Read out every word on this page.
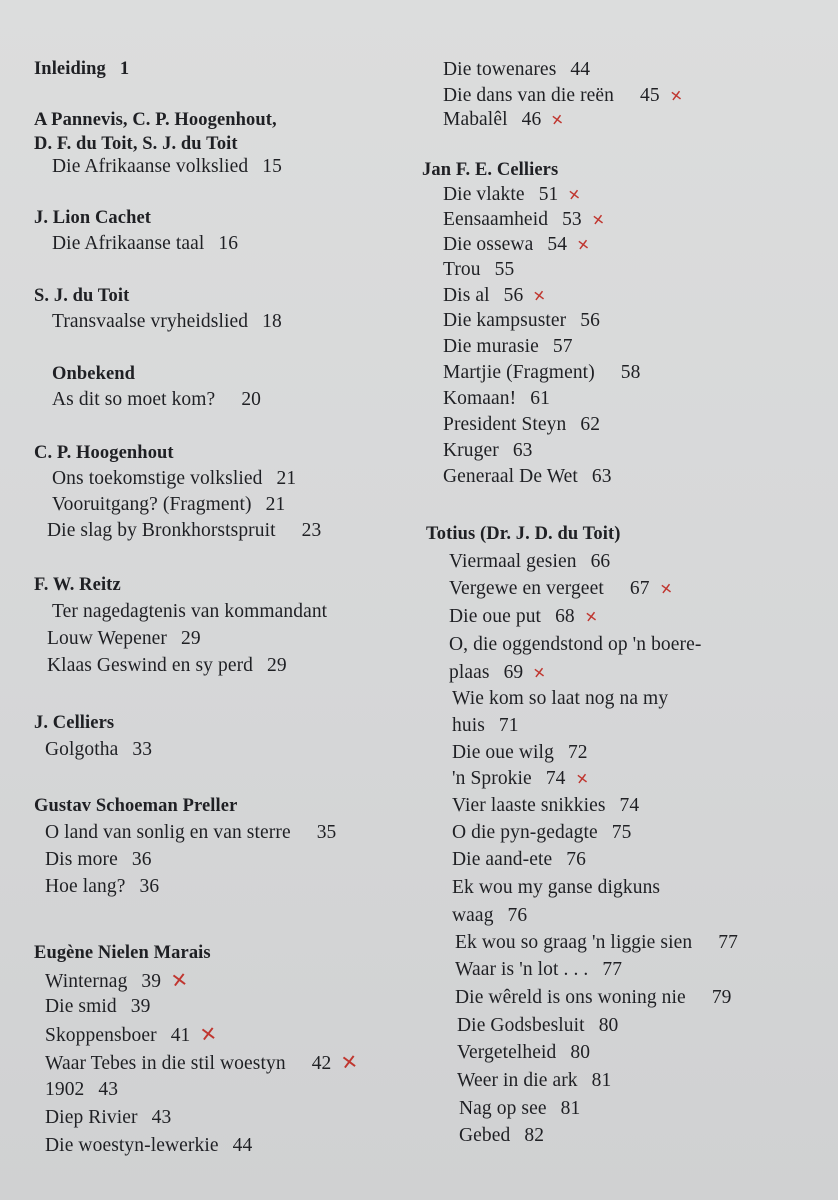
Inleiding 1
A Pannevis, C. P. Hoogenhout,
D. F. du Toit, S. J. du Toit
Die Afrikaanse volkslied 15
J. Lion Cachet
Die Afrikaanse taal 16
S. J. du Toit
Transvaalse vryheidslied 18
Onbekend
As dit so moet kom? 20
C. P. Hoogenhout
Ons toekomstige volkslied 21
Vooruitgang? (Fragment) 21
Die slag by Bronkhorstspruit 23
F. W. Reitz
Ter nagedagtenis van kommandant
Louw Wepener 29
Klaas Geswind en sy perd 29
J. Celliers
Golgotha 33
Gustav Schoeman Preller
O land van sonlig en van sterre 35
Dis more 36
Hoe lang? 36
Eugène Nielen Marais
Winternag 39 ✕
Die smid 39
Skoppensboer 41 ✕
Waar Tebes in die stil woestyn 42 ✕
1902 43
Diep Rivier 43
Die woestyn-lewerkie 44
Die towenares 44
Die dans van die reën 45 ✕
Mabalêl 46 ✕
Jan F. E. Celliers
Die vlakte 51 ✕
Eensaamheid 53 ✕
Die ossewa 54 ✕
Trou 55
Dis al 56 ✕
Die kampsuster 56
Die murasie 57
Martjie (Fragment) 58
Komaan! 61
President Steyn 62
Kruger 63
Generaal De Wet 63
Totius (Dr. J. D. du Toit)
Viermaal gesien 66
Vergewe en vergeet 67 ✕
Die oue put 68 ✕
O, die oggendstond op 'n boere-
plaas 69 ✕
Wie kom so laat nog na my
huis 71
Die oue wilg 72
'n Sprokie 74 ✕
Vier laaste snikkies 74
O die pyn-gedagte 75
Die aand-ete 76
Ek wou my ganse digkuns
waag 76
Ek wou so graag 'n liggie sien 77
Waar is 'n lot . . . 77
Die wêreld is ons woning nie 79
Die Godsbesluit 80
Vergetelheid 80
Weer in die ark 81
Nag op see 81
Gebed 82
